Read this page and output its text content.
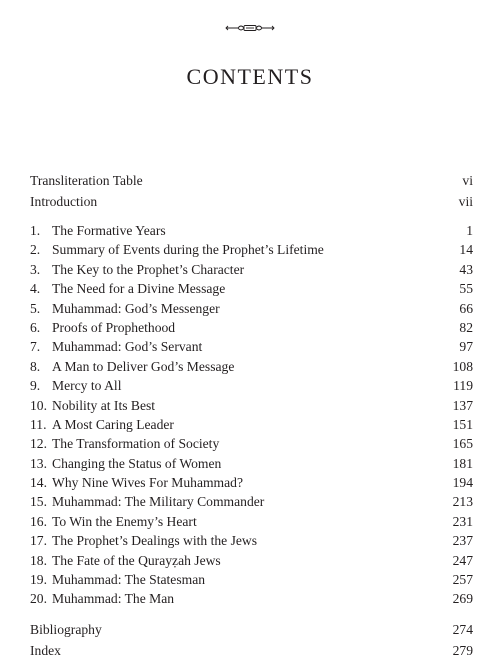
CONTENTS
Transliteration Table	vi
Introduction	vii
1. The Formative Years	1
2. Summary of Events during the Prophet’s Lifetime	14
3. The Key to the Prophet’s Character	43
4. The Need for a Divine Message	55
5. Muhammad: God’s Messenger	66
6. Proofs of Prophethood	82
7. Muhammad: God’s Servant	97
8. A Man to Deliver God’s Message	108
9. Mercy to All	119
10. Nobility at Its Best	137
11. A Most Caring Leader	151
12. The Transformation of Society	165
13. Changing the Status of Women	181
14. Why Nine Wives For Muhammad?	194
15. Muhammad: The Military Commander	213
16. To Win the Enemy’s Heart	231
17. The Prophet’s Dealings with the Jews	237
18. The Fate of the Qurayẓah Jews	247
19. Muhammad: The Statesman	257
20. Muhammad: The Man	269
Bibliography	274
Index	279
